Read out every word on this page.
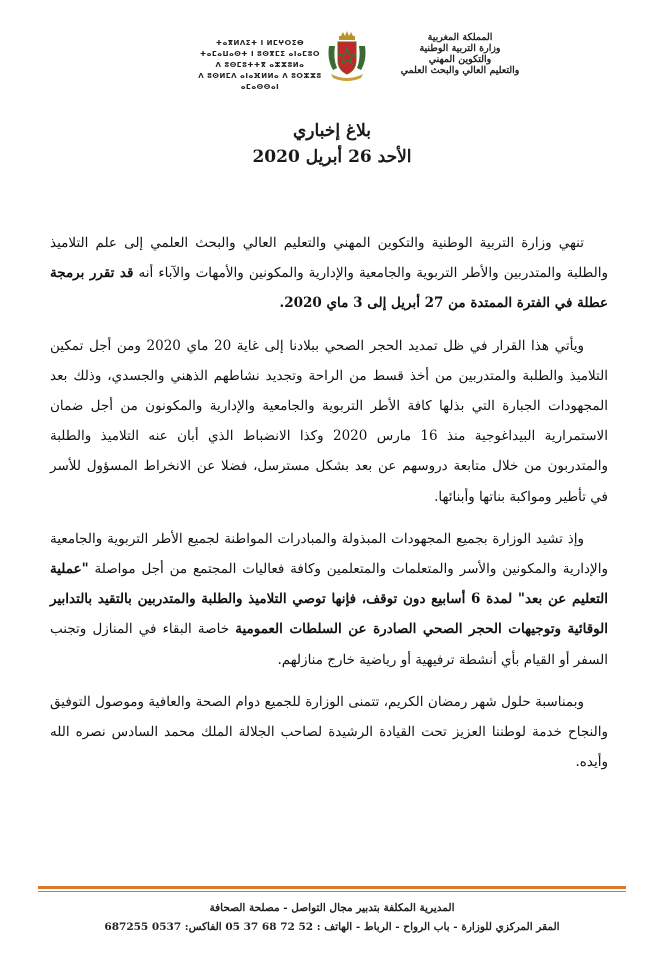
ⵜⴰⴳⵍⴷⵉⵜ ⵏ ⵍⵎⵖⵔⵉⴱ
ⵜⴰⵎⴰⵡⴰⵙⵜ ⵏ ⵓⵙⴳⵎⵉ ⴰⵏⴰⵎⵓⵔ
ⴷ ⵓⵙⵎⵓⵜⵜⴳ ⴰⵣⵣⵓⵍⴰ
ⴷ ⵓⵙⵍⵎⴷ ⴰⵏⴰⴼⵍⵍⴰ ⴷ ⵓⵔⵣⵣⵓ ⴰⵎⴰⵙⵙⴰⵏ
المملكة المغربية
وزارة التربية الوطنية
والتكوين المهني
والتعليم العالي والبحث العلمي
بلاغ إخباري
الأحد 26 أبريل 2020

تنهي وزارة التربية الوطنية والتكوين المهني والتعليم العالي والبحث العلمي إلى علم التلاميذ والطلبة والمتدربين والأطر التربوية والجامعية والإدارية والمكونين والأمهات والآباء أنه قد تقرر برمجة عطلة في الفترة الممتدة من 27 أبريل إلى 3 ماي 2020.

ويأتي هذا القرار في ظل تمديد الحجر الصحي ببلادنا إلى غاية 20 ماي 2020 ومن أجل تمكين التلاميذ والطلبة والمتدربين من أخذ قسط من الراحة وتجديد نشاطهم الذهني والجسدي، وذلك بعد المجهودات الجبارة التي بذلها كافة الأطر التربوية والجامعية والإدارية والمكونون من أجل ضمان الاستمرارية البيداغوجية منذ 16 مارس 2020 وكذا الانضباط الذي أبان عنه التلاميذ والطلبة والمتدربون من خلال متابعة دروسهم عن بعد بشكل مسترسل، فضلا عن الانخراط المسؤول للأسر في تأطير ومواكبة بناتها وأبنائها.

وإذ تشيد الوزارة بجميع المجهودات المبذولة والمبادرات المواطنة لجميع الأطر التربوية والجامعية والإدارية والمكونين والأسر والمتعلمات والمتعلمين وكافة فعاليات المجتمع من أجل مواصلة "عملية التعليم عن بعد" لمدة 6 أسابيع دون توقف، فإنها توصي التلاميذ والطلبة والمتدربين بالتقيد بالتدابير الوقائية وتوجيهات الحجر الصحي الصادرة عن السلطات العمومية خاصة البقاء في المنازل وتجنب السفر أو القيام بأي أنشطة ترفيهية أو رياضية خارج منازلهم.

وبمناسبة حلول شهر رمضان الكريم، تتمنى الوزارة للجميع دوام الصحة والعافية وموصول التوفيق والنجاح خدمة لوطننا العزيز تحت القيادة الرشيدة لصاحب الجلالة الملك محمد السادس نصره الله وأيده.

المديرية المكلفة بتدبير مجال التواصل - مصلحة الصحافة
المقر المركزي للوزارة - باب الرواح - الرباط - الهاتف : 52 72 68 37 05 الفاكس: 0537 687255
